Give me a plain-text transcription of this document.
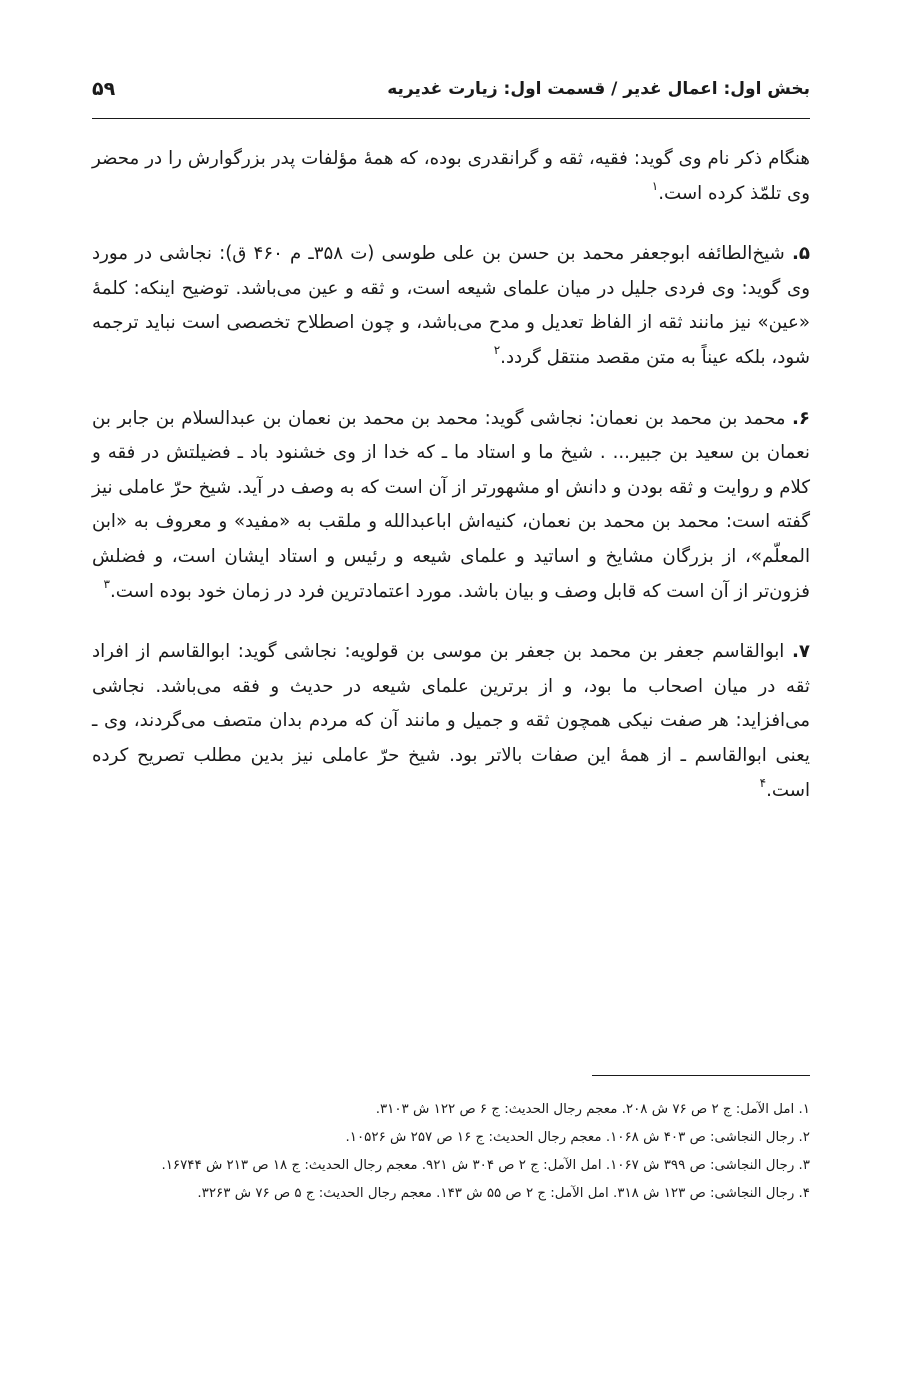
بخش اول: اعمال غدیر / قسمت اول: زیارت غدیریه
۵۹

هنگام ذکر نام وی گوید: فقیه، ثقه و گرانقدری بوده، که همهٔ مؤلفات پدر بزرگوارش را در محضر وی تلمّذ کرده است.$^۱$

۵. شیخ‌الطائفه ابوجعفر محمد بن حسن بن علی طوسی (ت ۳۵۸ـ م ۴۶۰ ق): نجاشی در مورد وی گوید: وی فردی جلیل در میان علمای شیعه است، و ثقه و عین می‌باشد. توضیح اینکه: کلمهٔ «عین» نیز مانند ثقه از الفاظ تعدیل و مدح می‌باشد، و چون اصطلاح تخصصی است نباید ترجمه شود، بلکه عیناً به متن مقصد منتقل گردد.$^۲$

۶. محمد بن محمد بن نعمان: نجاشی گوید: محمد بن محمد بن نعمان بن عبدالسلام بن جابر بن نعمان بن سعید بن جبیر... . شیخ ما و استاد ما ـ که خدا از وی خشنود باد ـ فضیلتش در فقه و کلام و روایت و ثقه بودن و دانش او مشهورتر از آن است که به وصف در آید. شیخ حرّ عاملی نیز گفته است: محمد بن محمد بن نعمان، کنیه‌اش اباعبدالله و ملقب به «مفید» و معروف به «ابن المعلّم»، از بزرگان مشایخ و اساتید و علمای شیعه و رئیس و استاد ایشان است، و فضلش فزون‌تر از آن است که قابل وصف و بیان باشد. مورد اعتمادترین فرد در زمان خود بوده است.$^۳$

۷. ابوالقاسم جعفر بن محمد بن جعفر بن موسی بن قولویه: نجاشی گوید: ابوالقاسم از افراد ثقه در میان اصحاب ما بود، و از برترین علمای شیعه در حدیث و فقه می‌باشد. نجاشی می‌افزاید: هر صفت نیکی همچون ثقه و جمیل و مانند آن که مردم بدان متصف می‌گردند، وی ـ یعنی ابوالقاسم ـ از همهٔ این صفات بالاتر بود. شیخ حرّ عاملی نیز بدین مطلب تصریح کرده است.$^۴$

۱. امل الآمل: ج ۲ ص ۷۶ ش ۲۰۸. معجم رجال الحدیث: ج ۶ ص ۱۲۲ ش ۳۱۰۳.

۲. رجال النجاشی: ص ۴۰۳ ش ۱۰۶۸. معجم رجال الحدیث: ج ۱۶ ص ۲۵۷ ش ۱۰۵۲۶.

۳. رجال النجاشی: ص ۳۹۹ ش ۱۰۶۷. امل الآمل: ج ۲ ص ۳۰۴ ش ۹۲۱. معجم رجال الحدیث: ج ۱۸ ص ۲۱۳ ش ۱۶۷۴۴.

۴. رجال النجاشی: ص ۱۲۳ ش ۳۱۸. امل الآمل: ج ۲ ص ۵۵ ش ۱۴۳. معجم رجال الحدیث: ج ۵ ص ۷۶ ش ۳۲۶۳.
